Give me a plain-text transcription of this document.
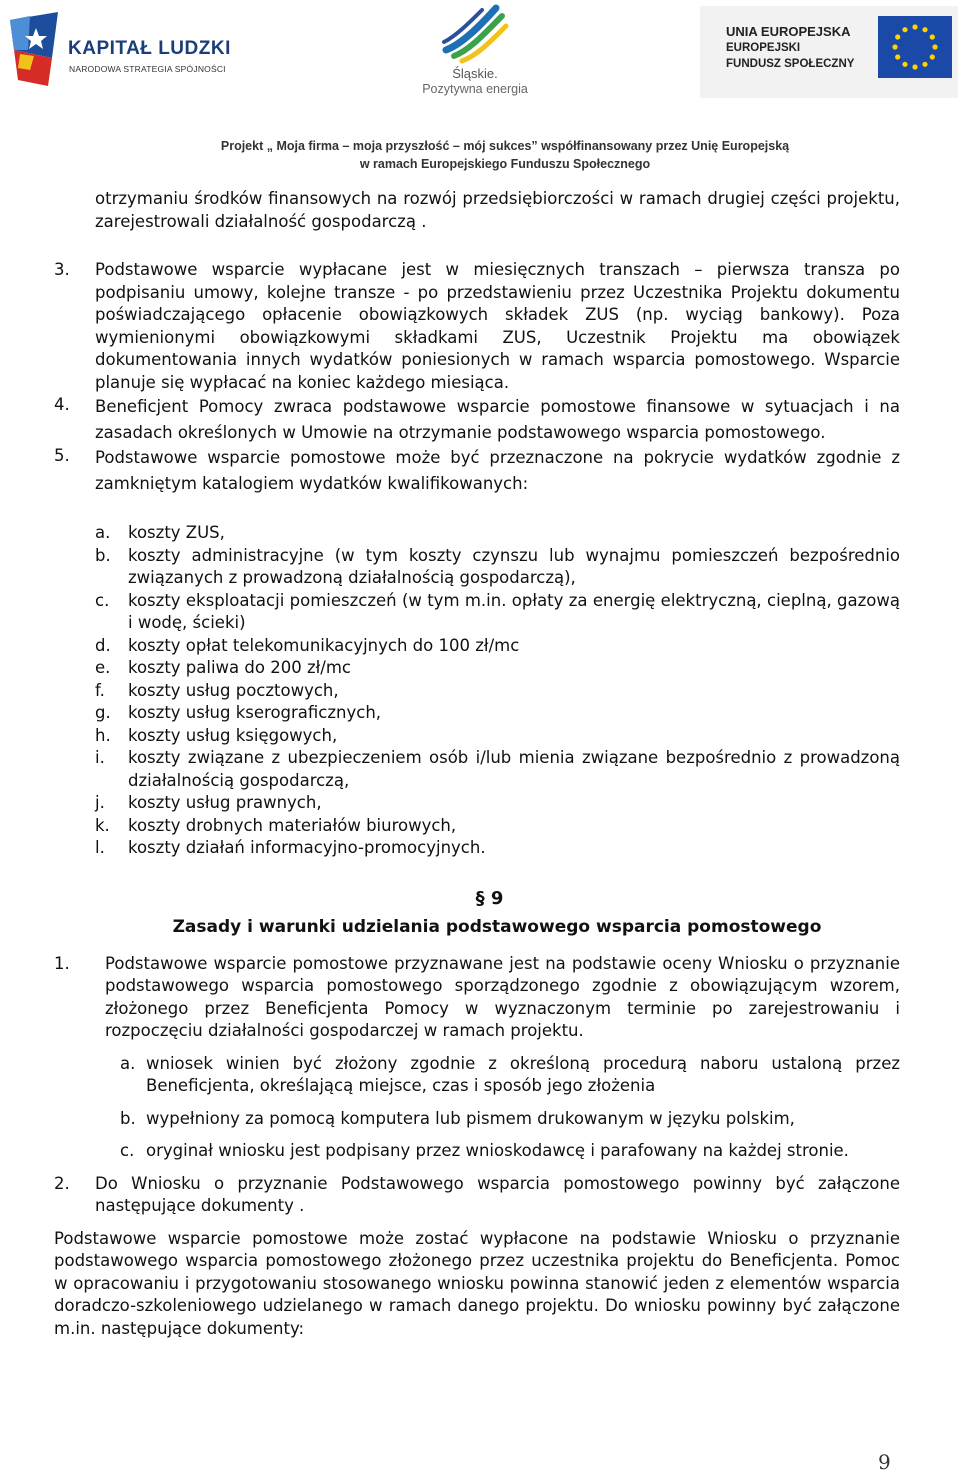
KAPITAŁ LUDZKI
NARODOWA STRATEGIA SPÓJNOŚCI	Śląskie.
Pozytywna energia
UNIA EUROPEJSKA
EUROPEJSKI
FUNDUSZ SPOŁECZNY
Projekt „ Moja firma – moja przyszłość – mój sukces” współfinansowany przez Unię Europejską
w ramach Europejskiego Funduszu Społecznego
otrzymaniu środków finansowych na rozwój przedsiębiorczości w ramach drugiej części projektu, zarejestrowali działalność gospodarczą .
3.	Podstawowe wsparcie wypłacane jest w miesięcznych transzach – pierwsza transza po podpisaniu umowy, kolejne transze - po przedstawieniu przez Uczestnika Projektu dokumentu poświadczającego opłacenie obowiązkowych składek ZUS (np. wyciąg bankowy). Poza wymienionymi obowiązkowymi składkami ZUS, Uczestnik Projektu ma obowiązek dokumentowania innych wydatków poniesionych w ramach wsparcia pomostowego. Wsparcie planuje się wypłacać na koniec każdego miesiąca.
4.	Beneficjent Pomocy zwraca podstawowe wsparcie pomostowe finansowe w sytuacjach i na zasadach określonych w Umowie na otrzymanie podstawowego wsparcia pomostowego.
5.	Podstawowe wsparcie pomostowe może być przeznaczone na pokrycie wydatków zgodnie z zamkniętym katalogiem wydatków kwalifikowanych:
a.	koszty ZUS,
b.	koszty administracyjne (w tym koszty czynszu lub wynajmu pomieszczeń bezpośrednio związanych z prowadzoną działalnością gospodarczą),
c.	koszty eksploatacji pomieszczeń (w tym m.in. opłaty za energię elektryczną, cieplną, gazową i wodę, ścieki)
d.	koszty opłat telekomunikacyjnych do 100 zł/mc
e.	koszty paliwa do 200 zł/mc
f.	koszty usług pocztowych,
g.	koszty usług kserograficznych,
h.	koszty usług księgowych,
i.	koszty związane z ubezpieczeniem osób i/lub mienia związane bezpośrednio z prowadzoną działalnością gospodarczą,
j.	koszty usług prawnych,
k.	koszty drobnych materiałów biurowych,
l.	koszty działań informacyjno-promocyjnych.
§ 9
Zasady i warunki udzielania podstawowego wsparcia pomostowego
1.	Podstawowe wsparcie pomostowe przyznawane jest na podstawie oceny Wniosku o przyznanie podstawowego wsparcia pomostowego sporządzonego zgodnie z obowiązującym wzorem, złożonego przez Beneficjenta Pomocy w wyznaczonym terminie po zarejestrowaniu i rozpoczęciu działalności gospodarczej w ramach projektu.
a. wniosek winien być złożony zgodnie z określoną procedurą naboru ustaloną przez Beneficjenta, określającą miejsce, czas i sposób jego złożenia
b. wypełniony za pomocą komputera lub pismem drukowanym w języku polskim,
c. oryginał wniosku jest podpisany przez wnioskodawcę i parafowany na każdej stronie.
2.	Do Wniosku o przyznanie Podstawowego wsparcia pomostowego powinny być załączone następujące dokumenty .
Podstawowe wsparcie pomostowe może zostać wypłacone na podstawie Wniosku o przyznanie podstawowego wsparcia pomostowego złożonego przez uczestnika projektu do Beneficjenta. Pomoc w opracowaniu i przygotowaniu stosowanego wniosku powinna stanowić jeden z elementów wsparcia doradczo-szkoleniowego udzielanego w ramach danego projektu. Do wniosku powinny być załączone m.in. następujące dokumenty:
9
